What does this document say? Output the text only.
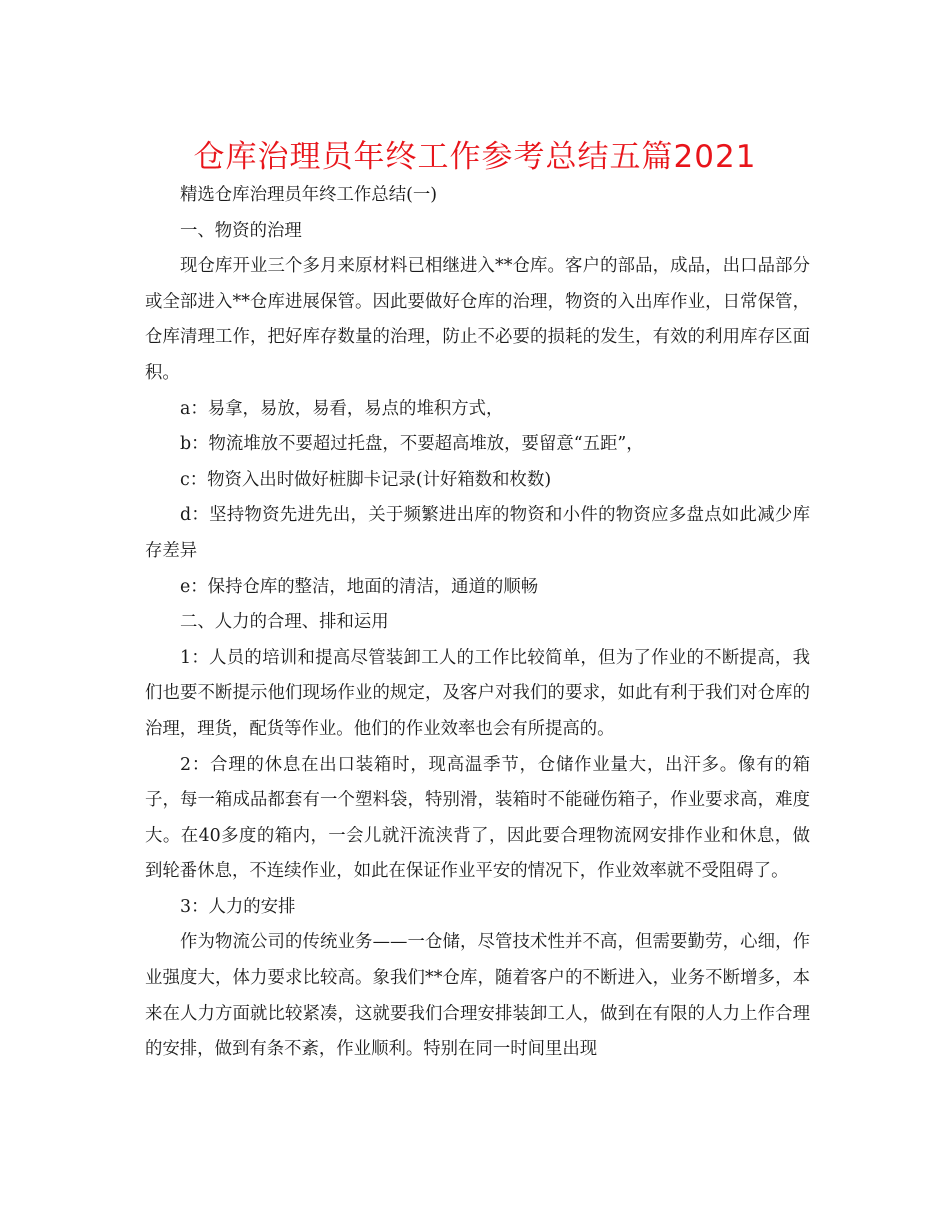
仓库治理员年终工作参考总结五篇2021

精选仓库治理员年终工作总结(一)

一、物资的治理

现仓库开业三个多月来原材料已相继进入**仓库。客户的部品，成品，出口品部分或全部进入**仓库进展保管。因此要做好仓库的治理，物资的入出库作业，日常保管，仓库清理工作，把好库存数量的治理，防止不必要的损耗的发生，有效的利用库存区面积。

a：易拿，易放，易看，易点的堆积方式，

b：物流堆放不要超过托盘，不要超高堆放，要留意“五距”，

c：物资入出时做好桩脚卡记录(计好箱数和枚数)

d：坚持物资先进先出，关于频繁进出库的物资和小件的物资应多盘点如此减少库存差异

e：保持仓库的整洁，地面的清洁，通道的顺畅

二、人力的合理、排和运用

1：人员的培训和提高尽管装卸工人的工作比较简单，但为了作业的不断提高，我们也要不断提示他们现场作业的规定，及客户对我们的要求，如此有利于我们对仓库的治理，理货，配货等作业。他们的作业效率也会有所提高的。

2：合理的休息在出口装箱时，现高温季节，仓储作业量大，出汗多。像有的箱子，每一箱成品都套有一个塑料袋，特别滑，装箱时不能碰伤箱子，作业要求高，难度大。在40多度的箱内，一会儿就汗流浃背了，因此要合理物流网安排作业和休息，做到轮番休息，不连续作业，如此在保证作业平安的情况下，作业效率就不受阻碍了。

3：人力的安排

作为物流公司的传统业务——一仓储，尽管技术性并不高，但需要勤劳，心细，作业强度大，体力要求比较高。象我们**仓库，随着客户的不断进入，业务不断增多，本来在人力方面就比较紧凑，这就要我们合理安排装卸工人，做到在有限的人力上作合理的安排，做到有条不紊，作业顺利。特别在同一时间里出现
